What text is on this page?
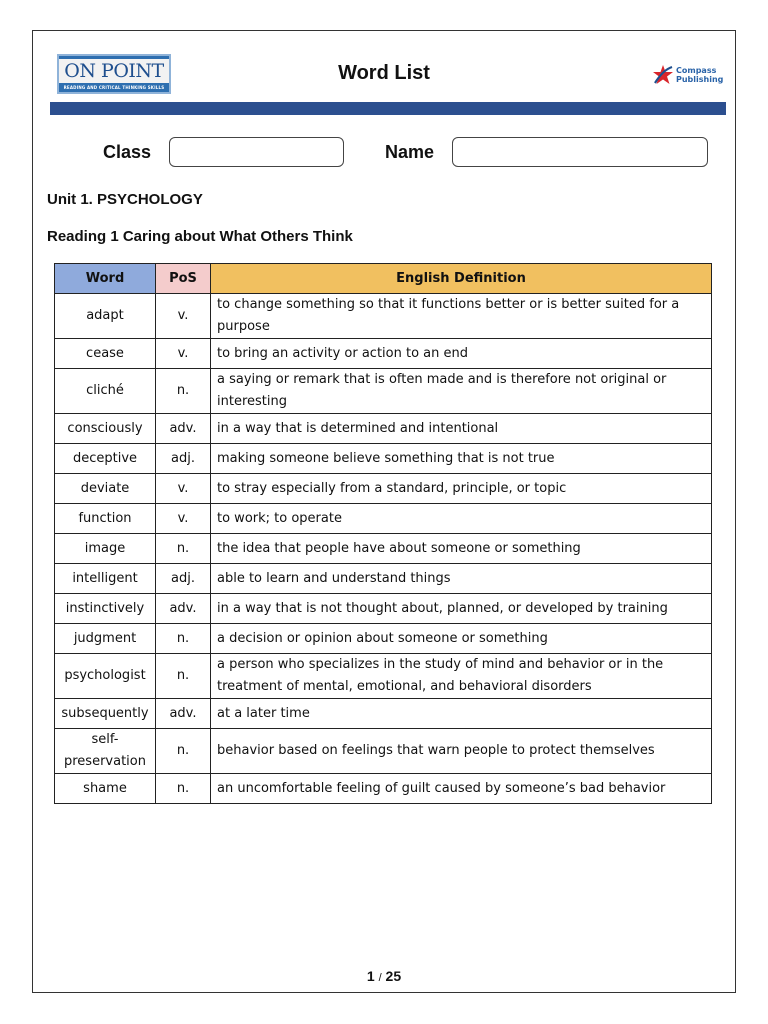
ON POINT
READING AND CRITICAL THINKING SKILLS
Word List	Compass
Publishing
Class	Name
Unit 1. PSYCHOLOGY
Reading 1 Caring about What Others Think
Word	PoS	English Definition
adapt	v.	to change something so that it functions better or is better suited for a purpose
cease	v.	to bring an activity or action to an end
cliché	n.	a saying or remark that is often made and is therefore not original or interesting
consciously	adv.	in a way that is determined and intentional
deceptive	adj.	making someone believe something that is not true
deviate	v.	to stray especially from a standard, principle, or topic
function	v.	to work; to operate
image	n.	the idea that people have about someone or something
intelligent	adj.	able to learn and understand things
instinctively	adv.	in a way that is not thought about, planned, or developed by training
judgment	n.	a decision or opinion about someone or something
psychologist	n.	a person who specializes in the study of mind and behavior or in the treatment of mental, emotional, and behavioral disorders
subsequently	adv.	at a later time
self-preservation	n.	behavior based on feelings that warn people to protect themselves
shame	n.	an uncomfortable feeling of guilt caused by someone’s bad behavior
1 / 25
